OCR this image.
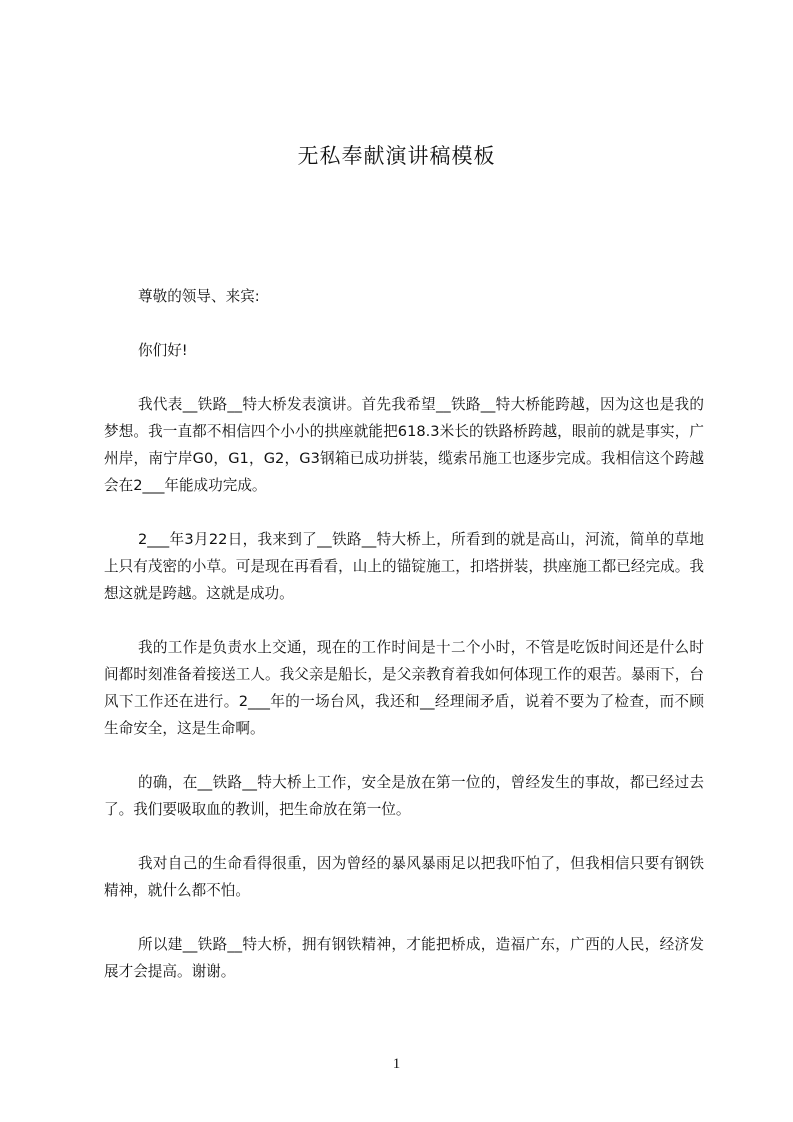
无私奉献演讲稿模板

尊敬的领导、来宾:

你们好!

我代表__铁路__特大桥发表演讲。首先我希望__铁路__特大桥能跨越，因为这也是我的梦想。我一直都不相信四个小小的拱座就能把618.3米长的铁路桥跨越，眼前的就是事实，广州岸，南宁岸G0，G1，G2，G3钢箱已成功拼装，缆索吊施工也逐步完成。我相信这个跨越会在2___年能成功完成。

2___年3月22日，我来到了__铁路__特大桥上，所看到的就是高山，河流，简单的草地上只有茂密的小草。可是现在再看看，山上的锚锭施工，扣塔拼装，拱座施工都已经完成。我想这就是跨越。这就是成功。

我的工作是负责水上交通，现在的工作时间是十二个小时，不管是吃饭时间还是什么时间都时刻准备着接送工人。我父亲是船长，是父亲教育着我如何体现工作的艰苦。暴雨下，台风下工作还在进行。2___年的一场台风，我还和__经理闹矛盾，说着不要为了检查，而不顾生命安全，这是生命啊。

的确，在__铁路__特大桥上工作，安全是放在第一位的，曾经发生的事故，都已经过去了。我们要吸取血的教训，把生命放在第一位。

我对自己的生命看得很重，因为曾经的暴风暴雨足以把我吓怕了，但我相信只要有钢铁精神，就什么都不怕。

所以建__铁路__特大桥，拥有钢铁精神，才能把桥成，造福广东，广西的人民，经济发展才会提高。谢谢。

1
